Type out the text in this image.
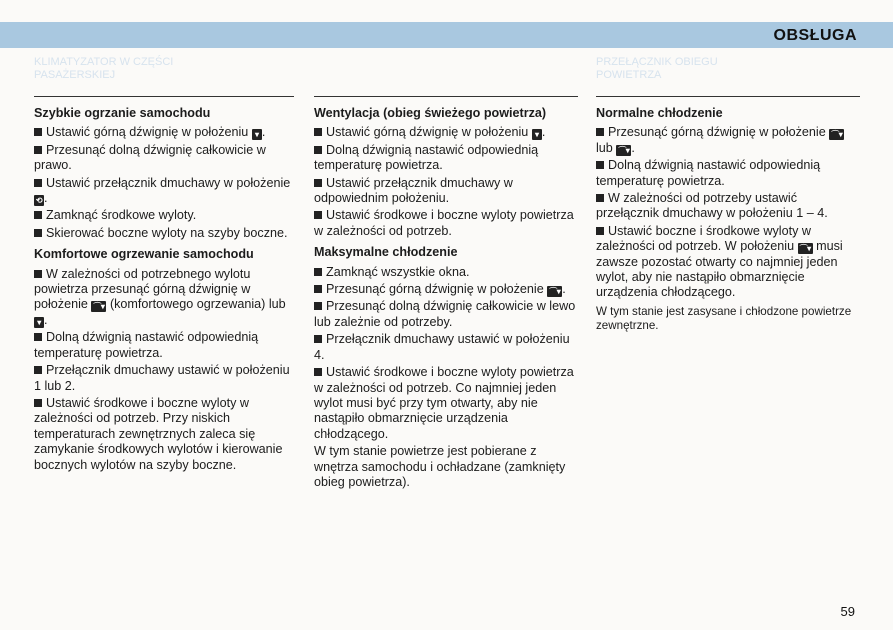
OBSŁUGA
KLIMATYZATOR W CZĘŚCI PASAŻERSKIEJ
PRZEŁĄCZNIK OBIEGU POWIETRZA

Szybkie ogrzanie samochodu

Ustawić górną dźwignię w położeniu ▾ .

Przesunąć dolną dźwignię całkowicie w prawo.

Ustawić przełącznik dmuchawy w położenie ⟲ .

Zamknąć środkowe wyloty.

Skierować boczne wyloty na szyby boczne.

Komfortowe ogrzewanie samochodu

W zależności od potrzebnego wylotu powietrza przesunąć górną dźwignię w położenie ⌒▾ (komfortowego ogrzewania) lub ▾ .

Dolną dźwignią nastawić odpowiednią temperaturę powietrza.

Przełącznik dmuchawy ustawić w położeniu 1 lub 2.

Ustawić środkowe i boczne wyloty w zależności od potrzeb. Przy niskich temperaturach zewnętrznych zaleca się zamykanie środkowych wylotów i kierowanie bocznych wylotów na szyby boczne.

Wentylacja (obieg świeżego powietrza)

Ustawić górną dźwignię w położeniu ▾ .

Dolną dźwignią nastawić odpowiednią temperaturę powietrza.

Ustawić przełącznik dmuchawy w odpowiednim położeniu.

Ustawić środkowe i boczne wyloty powietrza w zależności od potrzeb.

Maksymalne chłodzenie

Zamknąć wszystkie okna.

Przesunąć górną dźwignię w położenie ⌒▾ .

Przesunąć dolną dźwignię całkowicie w lewo lub zależnie od potrzeby.

Przełącznik dmuchawy ustawić w położeniu 4.

Ustawić środkowe i boczne wyloty powietrza w zależności od potrzeb. Co najmniej jeden wylot musi być przy tym otwarty, aby nie nastąpiło obmarznięcie urządzenia chłodzącego.

W tym stanie powietrze jest pobierane z wnętrza samochodu i ochładzane (zamknięty obieg powietrza).

Normalne chłodzenie

Przesunąć górną dźwignię w położenie ⌒▾ lub ⌒▾ .

Dolną dźwignią nastawić odpowiednią temperaturę powietrza.

W zależności od potrzeby ustawić przełącznik dmuchawy w położeniu 1 – 4.

Ustawić boczne i środkowe wyloty w zależności od potrzeb. W położeniu ⌒▾ musi zawsze pozostać otwarty co najmniej jeden wylot, aby nie nastąpiło obmarznięcie urządzenia chłodzącego.

W tym stanie jest zasysane i chłodzone powietrze zewnętrzne.

59
